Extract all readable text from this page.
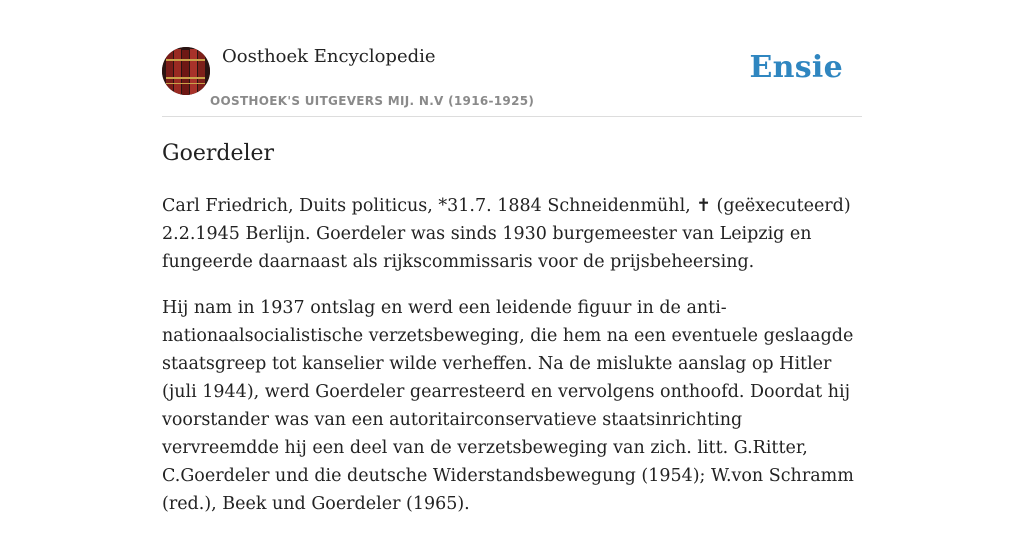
Oosthoek Encyclopedie
OOSTHOEK'S UITGEVERS MIJ. N.V (1916-1925)
Ensie
Goerdeler

Carl Friedrich, Duits politicus, *31.7. 1884 Schneidenmühl, ✝ (geëxecuteerd) 2.2.1945 Berlijn. Goerdeler was sinds 1930 burgemeester van Leipzig en fungeerde daarnaast als rijkscommissaris voor de prijsbeheersing.

Hij nam in 1937 ontslag en werd een leidende figuur in de anti-nationaalsocialistische verzetsbeweging, die hem na een eventuele geslaagde staatsgreep tot kanselier wilde verheffen. Na de mislukte aanslag op Hitler (juli 1944), werd Goerdeler gearresteerd en vervolgens onthoofd. Doordat hij voorstander was van een autoritairconservatieve staatsinrichting vervreemdde hij een deel van de verzetsbeweging van zich. litt. G.Ritter, C.Goerdeler und die deutsche Widerstandsbewegung (1954); W.von Schramm (red.), Beek und Goerdeler (1965).
